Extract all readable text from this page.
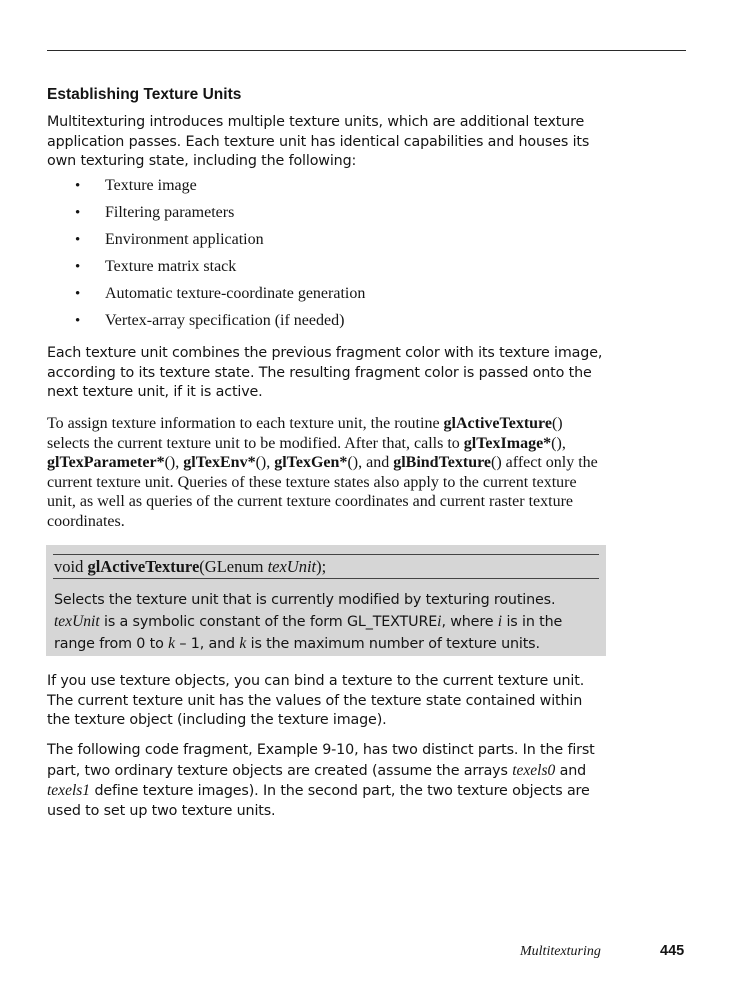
Establishing Texture Units

Multitexturing introduces multiple texture units, which are additional texture application passes. Each texture unit has identical capabilities and houses its own texturing state, including the following:

• Texture image
• Filtering parameters
• Environment application
• Texture matrix stack
• Automatic texture-coordinate generation
• Vertex-array specification (if needed)

Each texture unit combines the previous fragment color with its texture image, according to its texture state. The resulting fragment color is passed onto the next texture unit, if it is active.

To assign texture information to each texture unit, the routine glActiveTexture() selects the current texture unit to be modified. After that, calls to glTexImage*(), glTexParameter*(), glTexEnv*(), glTexGen*(), and glBindTexture() affect only the current texture unit. Queries of these texture states also apply to the current texture unit, as well as queries of the current texture coordinates and current raster texture coordinates.

void glActiveTexture(GLenum texUnit);

Selects the texture unit that is currently modified by texturing routines. texUnit is a symbolic constant of the form GL_TEXTUREi, where i is in the range from 0 to k – 1, and k is the maximum number of texture units.

If you use texture objects, you can bind a texture to the current texture unit. The current texture unit has the values of the texture state contained within the texture object (including the texture image).

The following code fragment, Example 9-10, has two distinct parts. In the first part, two ordinary texture objects are created (assume the arrays texels0 and texels1 define texture images). In the second part, the two texture objects are used to set up two texture units.

Multitexturing	445
